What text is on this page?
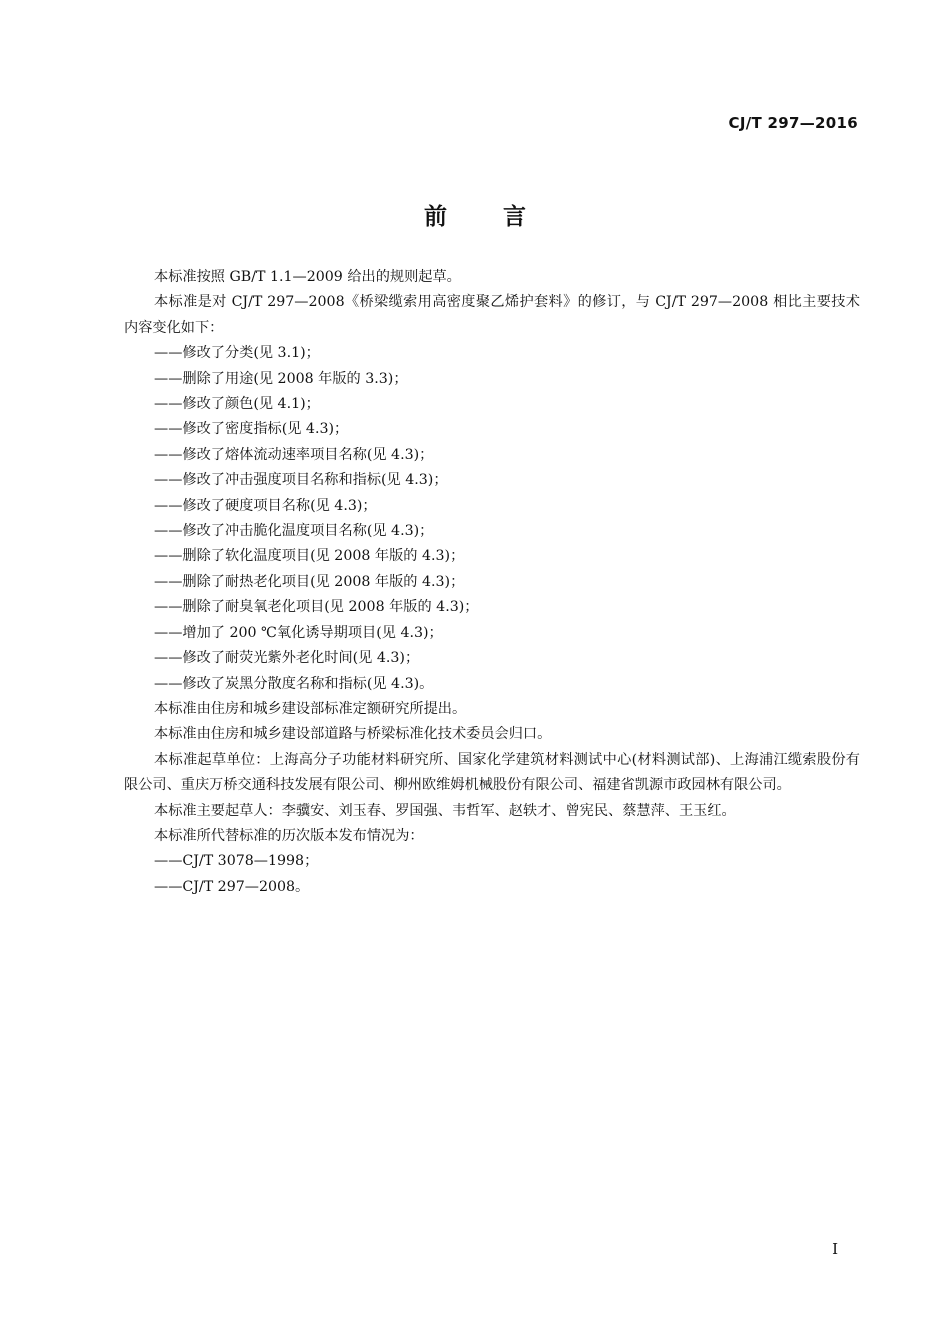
CJ/T 297—2016
前言

本标准按照 GB/T 1.1—2009 给出的规则起草。

本标准是对 CJ/T 297—2008《桥梁缆索用高密度聚乙烯护套料》的修订，与 CJ/T 297—2008 相比主要技术内容变化如下：

——修改了分类(见 3.1)；

——删除了用途(见 2008 年版的 3.3)；

——修改了颜色(见 4.1)；

——修改了密度指标(见 4.3)；

——修改了熔体流动速率项目名称(见 4.3)；

——修改了冲击强度项目名称和指标(见 4.3)；

——修改了硬度项目名称(见 4.3)；

——修改了冲击脆化温度项目名称(见 4.3)；

——删除了软化温度项目(见 2008 年版的 4.3)；

——删除了耐热老化项目(见 2008 年版的 4.3)；

——删除了耐臭氧老化项目(见 2008 年版的 4.3)；

——增加了 200 ℃氧化诱导期项目(见 4.3)；

——修改了耐荧光紫外老化时间(见 4.3)；

——修改了炭黑分散度名称和指标(见 4.3)。

本标准由住房和城乡建设部标准定额研究所提出。

本标准由住房和城乡建设部道路与桥梁标准化技术委员会归口。

本标准起草单位：上海高分子功能材料研究所、国家化学建筑材料测试中心(材料测试部)、上海浦江缆索股份有限公司、重庆万桥交通科技发展有限公司、柳州欧维姆机械股份有限公司、福建省凯源市政园林有限公司。

本标准主要起草人：李骥安、刘玉春、罗国强、韦哲军、赵轶才、曾宪民、蔡慧萍、王玉红。

本标准所代替标准的历次版本发布情况为：

——CJ/T 3078—1998；

——CJ/T 297—2008。

I
